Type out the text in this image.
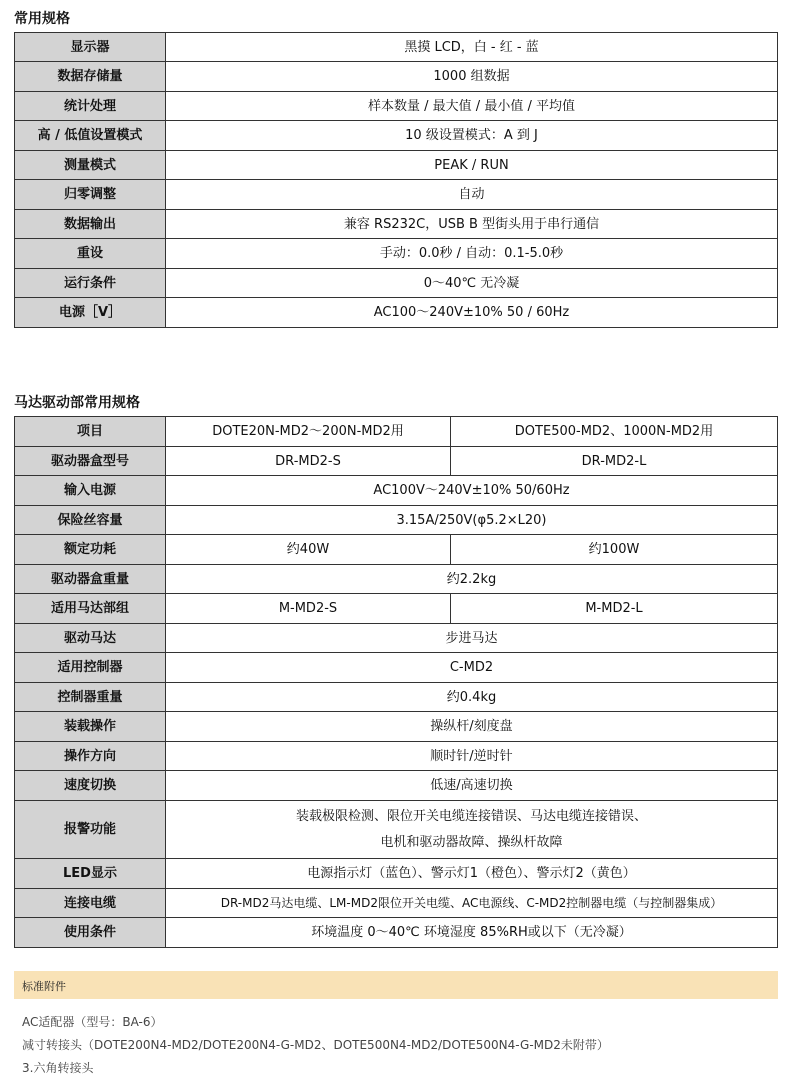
常用规格
显示器	黑摸 LCD，白 - 红 - 蓝
数据存储量	1000 组数据
统计处理	样本数量 / 最大值 / 最小值 / 平均值
高 / 低值设置模式	10 级设置模式：A 到 J
测量模式	PEAK / RUN
归零调整	自动
数据输出	兼容 RS232C，USB B 型街头用于串行通信
重设	手动：0.0秒 / 自动：0.1-5.0秒
运行条件	0～40℃ 无冷凝
电源［V］	AC100～240V±10% 50 / 60Hz
马达驱动部常用规格
项目	DOTE20N-MD2～200N-MD2用	DOTE500-MD2、1000N-MD2用
驱动器盒型号	DR-MD2-S	DR-MD2-L
输入电源	AC100V～240V±10% 50/60Hz	
保险丝容量	3.15A/250V(φ5.2×L20)	
额定功耗	约40W	约100W
驱动器盒重量	约2.2kg	
适用马达部组	M-MD2-S	M-MD2-L
驱动马达	步进马达	
适用控制器	C-MD2	
控制器重量	约0.4kg	
装载操作	操纵杆/刻度盘	
操作方向	顺时针/逆时针	
速度切换	低速/高速切换	
报警功能	装载极限检测、限位开关电缆连接错误、马达电缆连接错误、
电机和驱动器故障、操纵杆故障	

LED显示	电源指示灯（蓝色）、警示灯1（橙色）、警示灯2（黄色）	
连接电缆	DR-MD2马达电缆、LM-MD2限位开关电缆、AC电源线、C-MD2控制器电缆（与控制器集成）	
使用条件	环境温度 0～40℃ 环境湿度 85%RH或以下（无冷凝）	
标准附件

AC适配器（型号：BA-6）

减寸转接头（DOTE200N4-MD2/DOTE200N4-G-MD2、DOTE500N4-MD2/DOTE500N4-G-MD2未附带）

3.六角转接头
